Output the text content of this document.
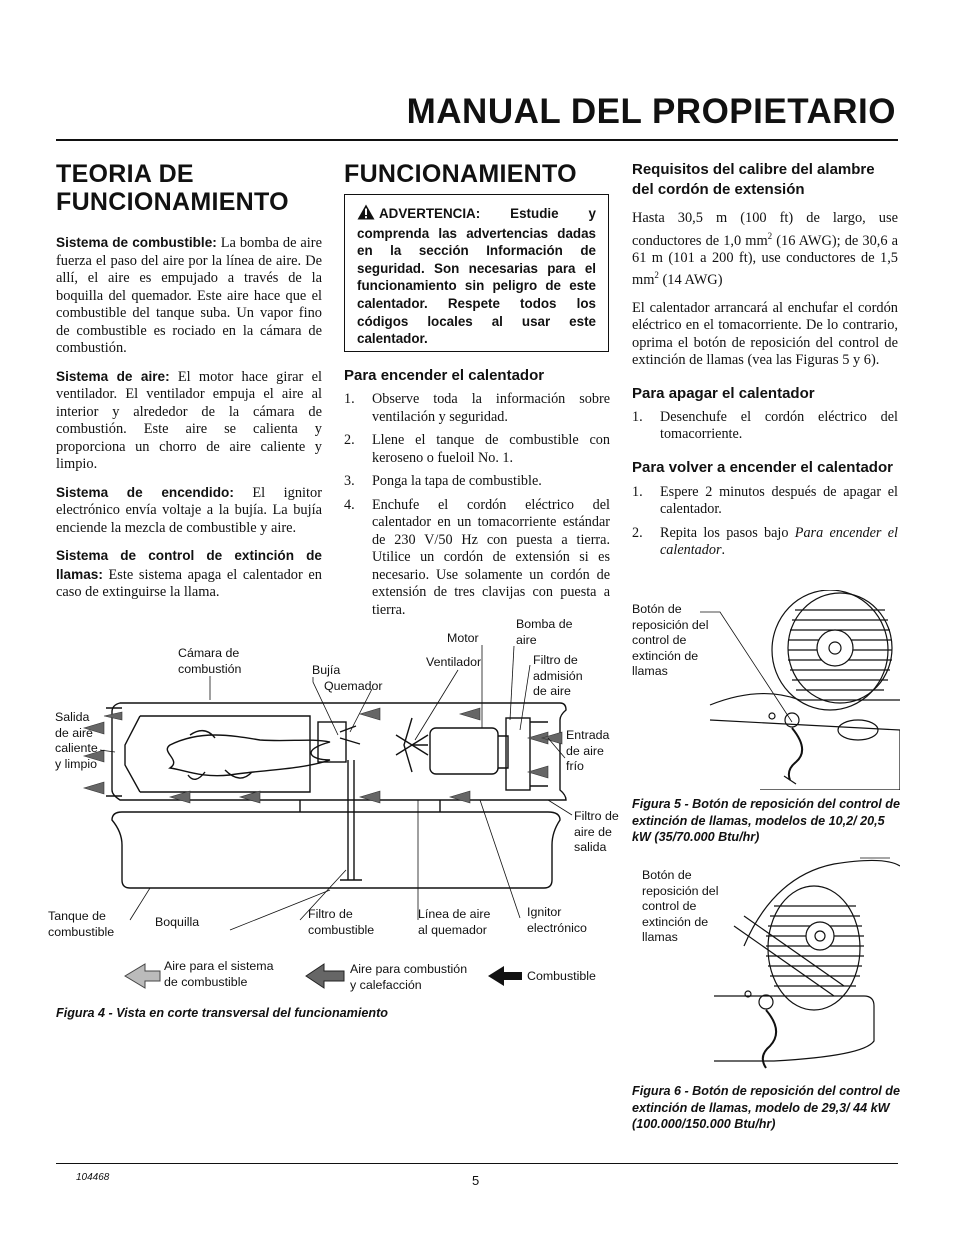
MANUAL DEL PROPIETARIO
TEORIA DE FUNCIONAMIENTO

Sistema de combustible: La bomba de aire fuerza el paso del aire por la línea de aire. De allí, el aire es empujado a través de la boquilla del quemador. Este aire hace que el combustible del tanque suba. Un vapor fino de combustible es rociado en la cámara de combustión.

Sistema de aire: El motor hace girar el ventilador. El ventilador empuja el aire al interior y alrededor de la cámara de combustión. Este aire se calienta y proporciona un chorro de aire caliente y limpio.

Sistema de encendido: El ignitor electrónico envía voltaje a la bujía. La bujía enciende la mezcla de combustible y aire.

Sistema de control de extinción de llamas: Este sistema apaga el calentador en caso de extinguirse la llama.

FUNCIONAMIENTO
ADVERTENCIA: Estudie y comprenda las advertencias dadas en la sección Información de seguridad. Son necesarias para el funcionamiento sin peligro de este calentador. Respete todos los códigos locales al usar este calentador.
Para encender el calentador
1. Observe toda la información sobre ventilación y seguridad.
2. Llene el tanque de combustible con keroseno o fueloil No. 1.
3. Ponga la tapa de combustible.
4. Enchufe el cordón eléctrico del calentador en un tomacorriente estándar de 230 V/50 Hz con puesta a tierra. Utilice un cordón de extensión si es necesario. Use solamente un cordón de extensión de tres clavijas con puesta a tierra.
Requisitos del calibre del alambre del cordón de extensión

Hasta 30,5 m (100 ft) de largo, use conductores de 1,0 $mm^2$ (16 AWG); de 30,6 a 61 m (101 a 200 ft), use conductores de 1,5 $mm^2$ (14 AWG)

El calentador arrancará al enchufar el cordón eléctrico en el tomacorriente. De lo contrario, oprima el botón de reposición del control de extinción de llamas (vea las Figuras 5 y 6).

Para apagar el calentador
1. Desenchufe el cordón eléctrico del tomacorriente.
Para volver a encender el calentador
1. Espere 2 minutos después de apagar el calentador.
2. Repita los pasos bajo Para encender el calentador.
Cámara de
combustión	Bujía
Quemador
Motor
Ventilador
Bomba de
aire
Filtro de
admisión
de aire
Salida
de aire
caliente
y limpio
Entrada
de aire
frío
Filtro de
aire de
salida
Tanque de
combustible
Boquilla
Filtro de
combustible
Línea de aire
al quemador
Ignitor
electrónico
Aire para el sistema
de combustible
Aire para combustión
y calefacción
Combustible
Figura 4 - Vista en corte transversal del funcionamiento
Botón de
reposición del
control de
extinción de
llamas
Figura 5 - Botón de reposición del control de extinción de llamas, modelos de 10,2/ 20,5 kW (35/70.000 Btu/hr)
Botón de
reposición del
control de
extinción de
llamas
Figura 6 - Botón de reposición del control de extinción de llamas, modelo de 29,3/ 44 kW (100.000/150.000 Btu/hr)
104468	5
